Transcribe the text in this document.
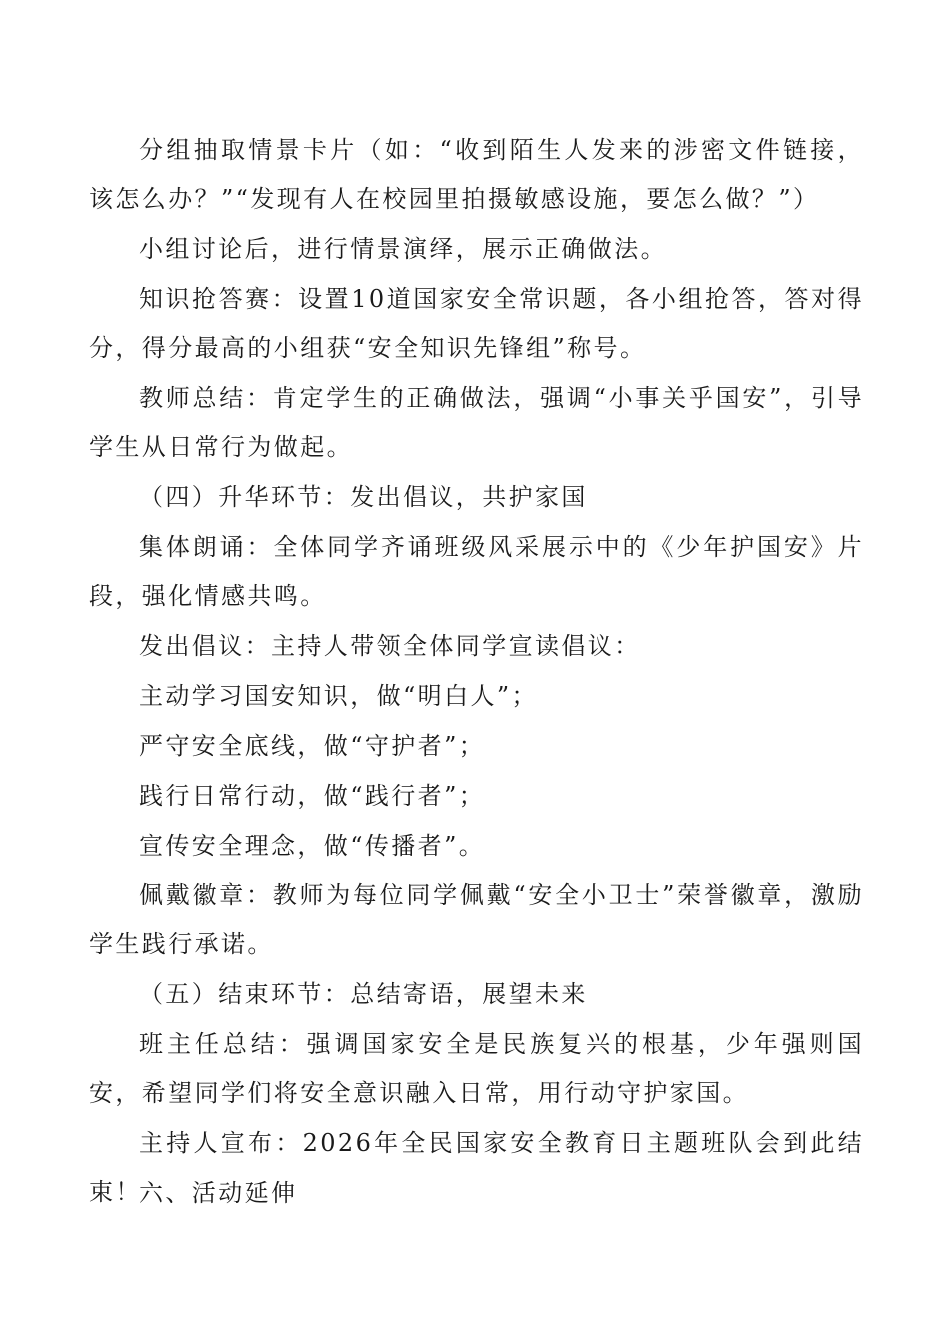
分组抽取情景卡片（如：“收到陌生人发来的涉密文件链接，该怎么办？”“发现有人在校园里拍摄敏感设施，要怎么做？”）

小组讨论后，进行情景演绎，展示正确做法。

知识抢答赛：设置10道国家安全常识题，各小组抢答，答对得分，得分最高的小组获“安全知识先锋组”称号。

教师总结：肯定学生的正确做法，强调“小事关乎国安”，引导学生从日常行为做起。

（四）升华环节：发出倡议，共护家国

集体朗诵：全体同学齐诵班级风采展示中的《少年护国安》片段，强化情感共鸣。

发出倡议：主持人带领全体同学宣读倡议：

主动学习国安知识，做“明白人”；

严守安全底线，做“守护者”；

践行日常行动，做“践行者”；

宣传安全理念，做“传播者”。

佩戴徽章：教师为每位同学佩戴“安全小卫士”荣誉徽章，激励学生践行承诺。

（五）结束环节：总结寄语，展望未来

班主任总结：强调国家安全是民族复兴的根基，少年强则国安，希望同学们将安全意识融入日常，用行动守护家国。

主持人宣布：2026年全民国家安全教育日主题班队会到此结束！

六、活动延伸
